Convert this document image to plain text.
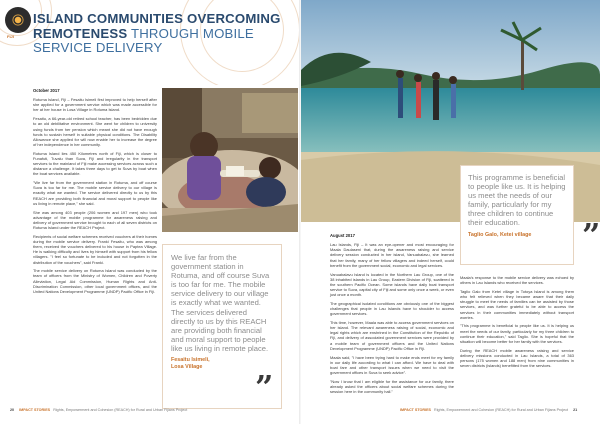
FIJI
ISLAND COMMUNITIES OVERCOMING
REMOTENESS THROUGH MOBILE
SERVICE DELIVERY
October 2017

Rotuma Island, Fiji – Fesaitu Isimeli first improved to help herself after she applied for a government service which was made accessible for her at her house in Losa Village in Rotuma Island.

Fesaitu, a 66-year-old retired school teacher, has been bedridden due to an old debilitative environment. She went for children to university using funds from her pension which meant she did not have enough funds to sustain herself in suitable physical conditions. The Disability Allowance she applied for will now enable her to increase the degree of her independence in her community.

Rotuma Island lies 450 Kilometres north of Fiji, which is closer to Funafuti, Tuvalu than Suva, Fiji and irregularity in the transport services to the mainland of Fiji make accessing services across such a distance a challenge. It takes three days to get to Suva by boat when the boat services available.

"We live far from the government station in Rotuma, and off course Suva is too far for me. The mobile service delivery to our village is exactly what we wanted. The service delivered directly to us by this REACH are providing both financial and moral support to people like us living in remote place," she said.

She was among 403 people (206 women and 197 men) who took advantage of the mobile programme for awareness raising and delivery of government service brought to each of all seven districts on Rotuma Island under the REACH Project.

Recipients of social welfare schemes received vouchers at their homes during the mobile service delivery. Franki Fesaitu, who was among them, received the vouchers delivered to his house in Paptea Village. He is walking difficulty and lives by himself with support from his fellow villagers. "I feel so fortunate to be included and not forgotten in the distribution of the vouchers", said Franki.

The mobile service delivery on Rotuma Island was conducted by the team of officers from the Ministry of Women, Children and Poverty Alleviation, Legal Aid Commission, Human Rights and Anti-Discrimination Commission, other local government offices, and the United Nations Development Programme (UNDP) Pacific Office in Fiji.

We live far from the government station in Rotuma, and off course Suva is too far for me. The mobile service delivery to our village is exactly what we wanted. The services delivered directly to us by this REACH are providing both financial and moral support to people like us living in remote place.
Fesaitu Isimeli,
Losa Village
”
20 IMPACT STORIES Rights, Empowerment and Cohesion (REACH) for Rural and Urban Fijians Project
August 2017

Lau Islands, Fiji – It was an eye-opener and most encouraging for Maala Daulaseni that, during the awareness raising and service delivery session conducted in her island, Vanuabalavu, she learned that her family, many of her fellow villagers and indeed herself, could benefit from the government social, economic and legal services.

Vanuabalavu Island is located in the Northern Lau Group, one of the 38 inhabited islands in Lau Group, Eastern Division of Fiji, scattered in the southern Pacific Ocean. Some islands have daily boat transport service to Suva, capital city of Fiji and some only once a week, or even just once a month.

The geographical isolated conditions are obviously one of the biggest challenges that people in Lau Islands have to shoulder to access government services.

This time, however, Maala was able to access government services on her island. The relevant awareness raising of social, economic and legal rights which are enshrined in the Constitution of the Republic of Fiji, and delivery of associated government services were provided by a mobile team of government officers and the United Nations Development Programme (UNDP) Pacific Office in Fiji.

Maala said, "I have been trying hard to make ends meet for my family in our daily life according to what I can afford. We have to deal with boat fare and other transport issues when we need to visit the government offices in Suva to seek advice".

"Now I know that I am eligible for the assistance for our family, there already asked the officers about social welfare schemes during the session here in the community hall."

This programme is beneficial to people like us. It is helping us meet the needs of our family, particularly for my three children to continue their education.
Taglio Galo, Ketei village	”

Maala's response to the mobile service delivery was echoed by others in Lau Islands who received the services.

Taglio Galo from Ketei village in Totoya Island is among them who felt relieved when they became aware that their daily struggle to meet the needs of families can be assisted by those services, and was further grateful to be able to access the services in their communities immediately without transport worries.

"This programme is beneficial to people like us. It is helping us meet the needs of our family, particularly for my three children to continue their education," said Taglio. She is hopeful that the situation will become better for her family with the services.

During the REACH mobile awareness raising and service delivery missions conducted in Lau Islands, a total of 363 persons (175 women and 188 men) from nine communities in seven districts (islands) benefitted from the services.

IMPACT STORIES Rights, Empowerment and Cohesion (REACH) for Rural and Urban Fijians Project 21
